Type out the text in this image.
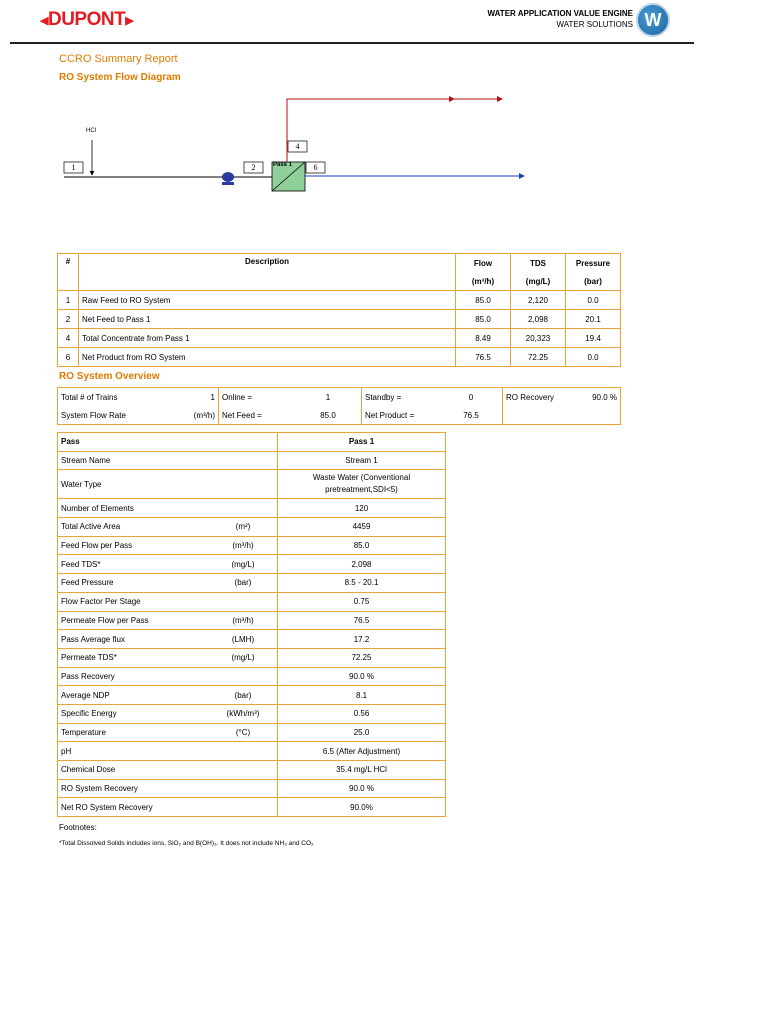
◀ DUPONT ▶
WATER APPLICATION VALUE ENGINE
WATER SOLUTIONS W
CCRO Summary Report
RO System Flow Diagram
HCl
1	2
4
6
Pass 1
#	Description	Flow	TDS	Pressure
		(m³/h)	(mg/L)	(bar)
1	Raw Feed to RO System	85.0	2,120	0.0
2	Net Feed to Pass 1	85.0	2,098	20.1
4	Total Concentrate from Pass 1	8.49	20,323	19.4
6	Net Product from RO System	76.5	72.25	0.0
RO System Overview
Total # of Trains	1	Online =	1	Standby =	0	RO Recovery	90.0 %
System Flow Rate	(m³/h)	Net Feed =	85.0	Net Product =	76.5		
Pass		Pass 1
Stream Name		Stream 1
Water Type		Waste Water (Conventional pretreatment,SDI<5)
Number of Elements		120
Total Active Area	(m²)	4459
Feed Flow per Pass	(m³/h)	85.0
Feed TDS*	(mg/L)	2,098
Feed Pressure	(bar)	8.5 - 20.1
Flow Factor Per Stage		0.75
Permeate Flow per Pass	(m³/h)	76.5
Pass Average flux	(LMH)	17.2
Permeate TDS*	(mg/L)	72.25
Pass Recovery		90.0 %
Average NDP	(bar)	8.1
Specific Energy	(kWh/m³)	0.56
Temperature	(°C)	25.0
pH		6.5 (After Adjustment)
Chemical Dose		35.4 mg/L HCl
RO System Recovery		90.0 %
Net RO System Recovery		90.0%
Footnotes:
*Total Dissolved Solids includes ions, SiO₂ and B(OH)₃. It does not include NH₃ and CO₂
